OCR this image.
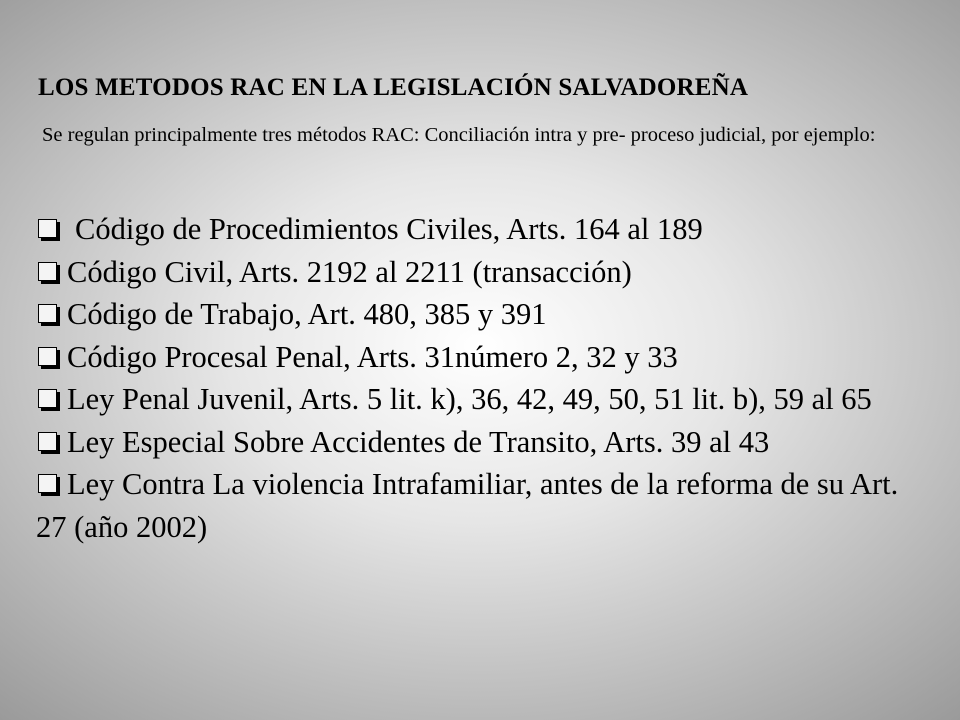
LOS METODOS RAC EN LA LEGISLACIÓN SALVADOREÑA
Se regulan principalmente tres métodos RAC: Conciliación intra y pre- proceso judicial, por ejemplo:
Código de Procedimientos Civiles, Arts. 164 al 189
Código Civil, Arts. 2192 al 2211 (transacción)
Código de Trabajo, Art. 480, 385 y 391
Código Procesal Penal, Arts. 31número 2, 32 y 33
Ley Penal Juvenil, Arts. 5 lit. k), 36, 42, 49, 50, 51 lit. b), 59 al 65
Ley Especial Sobre Accidentes de Transito, Arts. 39 al 43
Ley Contra La violencia Intrafamiliar, antes de la reforma de su Art. 27 (año 2002)
